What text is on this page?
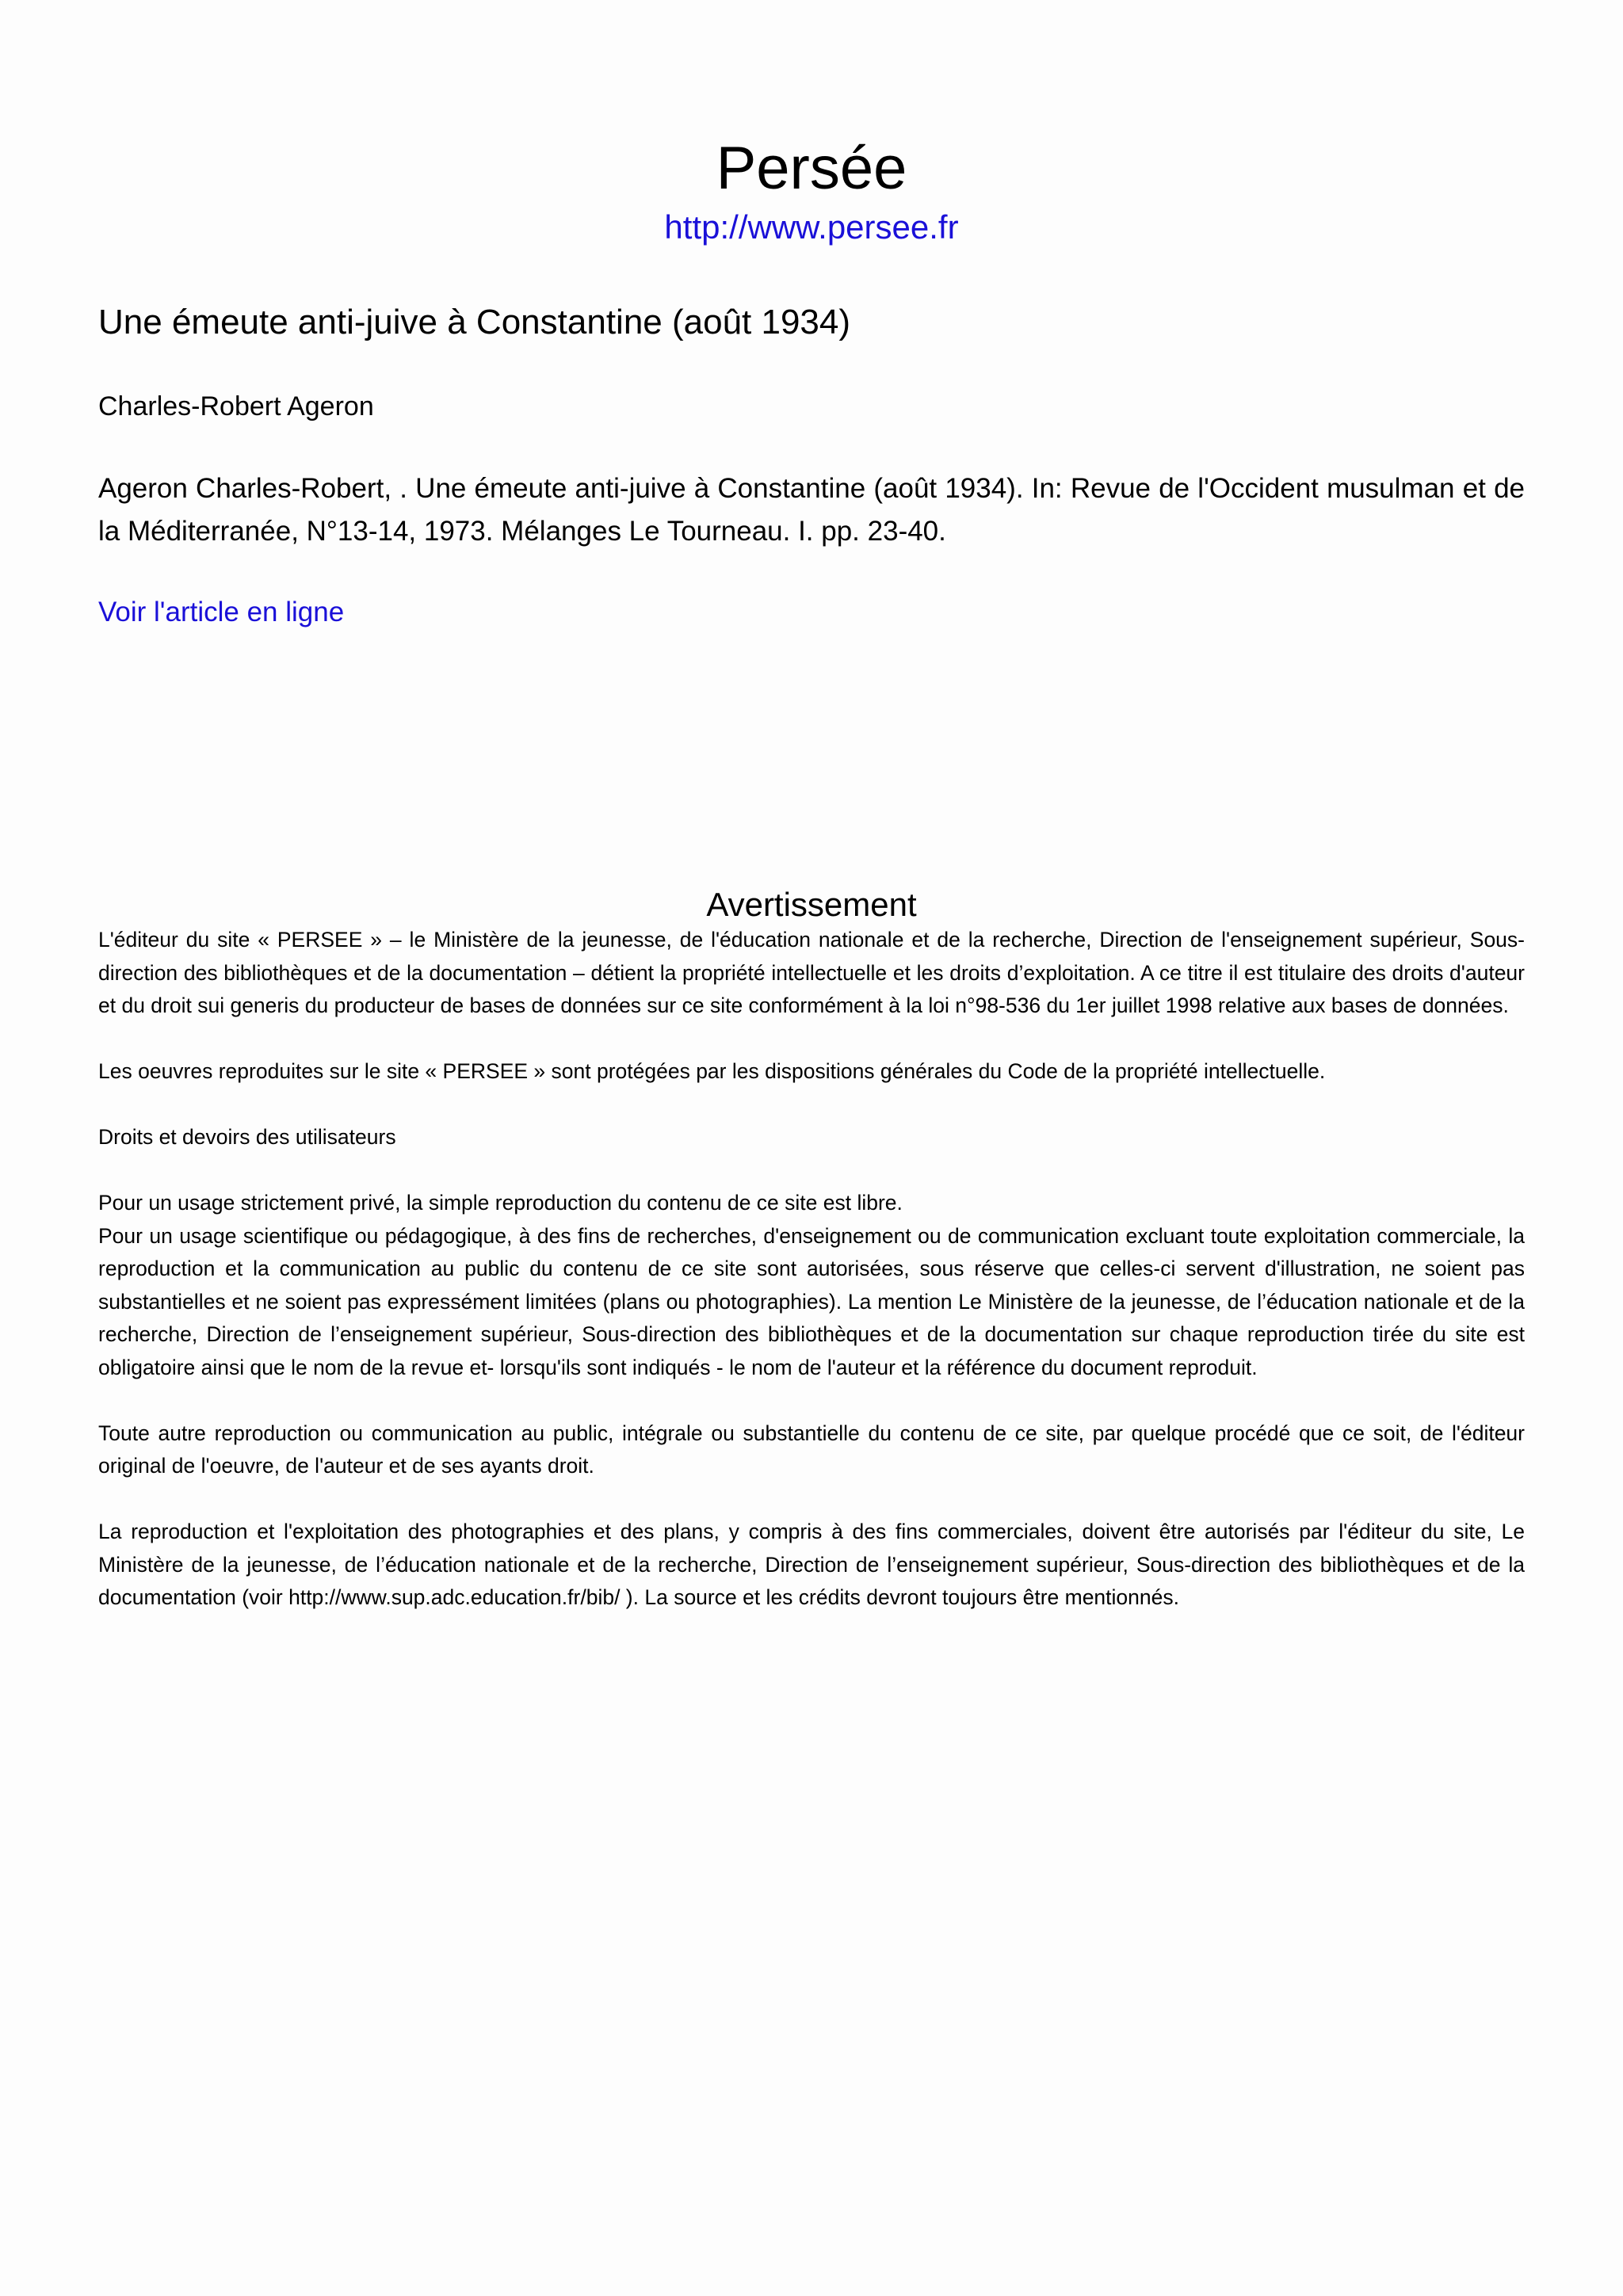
Persée
http://www.persee.fr
Une émeute anti-juive à Constantine (août 1934)
Charles-Robert Ageron
Ageron Charles-Robert, . Une émeute anti-juive à Constantine (août 1934). In: Revue de l'Occident musulman et de la Méditerranée, N°13-14, 1973. Mélanges Le Tourneau. I. pp. 23-40.
Voir l'article en ligne
Avertissement

L'éditeur du site « PERSEE » – le Ministère de la jeunesse, de l'éducation nationale et de la recherche, Direction de l'enseignement supérieur, Sous-direction des bibliothèques et de la documentation – détient la propriété intellectuelle et les droits d’exploitation. A ce titre il est titulaire des droits d'auteur et du droit sui generis du producteur de bases de données sur ce site conformément à la loi n°98-536 du 1er juillet 1998 relative aux bases de données.

Les oeuvres reproduites sur le site « PERSEE » sont protégées par les dispositions générales du Code de la propriété intellectuelle.

Droits et devoirs des utilisateurs

Pour un usage strictement privé, la simple reproduction du contenu de ce site est libre.

Pour un usage scientifique ou pédagogique, à des fins de recherches, d'enseignement ou de communication excluant toute exploitation commerciale, la reproduction et la communication au public du contenu de ce site sont autorisées, sous réserve que celles-ci servent d'illustration, ne soient pas substantielles et ne soient pas expressément limitées (plans ou photographies). La mention Le Ministère de la jeunesse, de l’éducation nationale et de la recherche, Direction de l’enseignement supérieur, Sous-direction des bibliothèques et de la documentation sur chaque reproduction tirée du site est obligatoire ainsi que le nom de la revue et- lorsqu'ils sont indiqués - le nom de l'auteur et la référence du document reproduit.

Toute autre reproduction ou communication au public, intégrale ou substantielle du contenu de ce site, par quelque procédé que ce soit, de l'éditeur original de l'oeuvre, de l'auteur et de ses ayants droit.

La reproduction et l'exploitation des photographies et des plans, y compris à des fins commerciales, doivent être autorisés par l'éditeur du site, Le Ministère de la jeunesse, de l’éducation nationale et de la recherche, Direction de l’enseignement supérieur, Sous-direction des bibliothèques et de la documentation (voir http://www.sup.adc.education.fr/bib/ ). La source et les crédits devront toujours être mentionnés.
